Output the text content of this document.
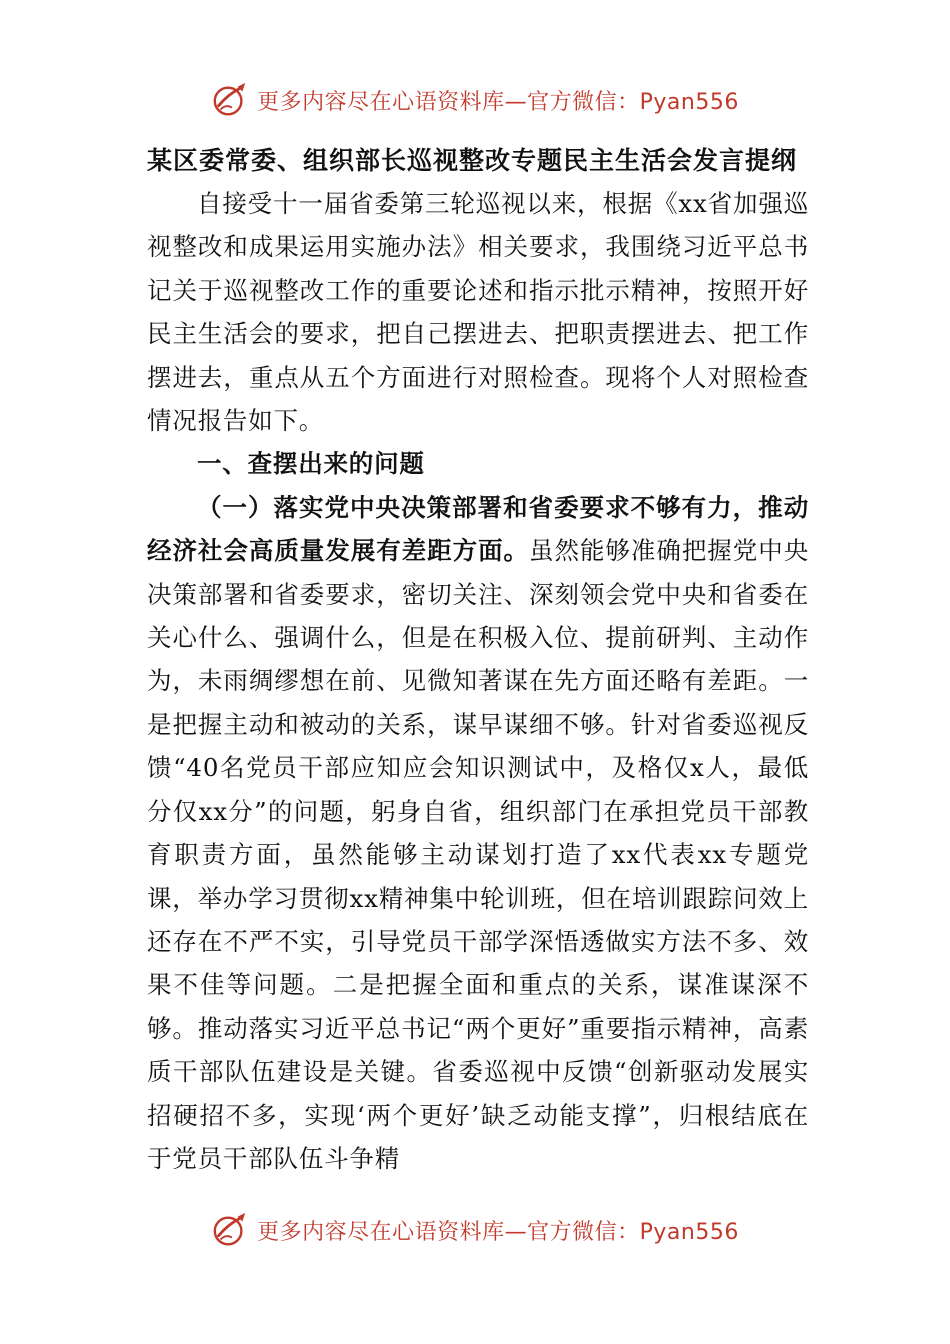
更多内容尽在心语资料库—官方微信：Pyan556
某区委常委、组织部长巡视整改专题民主生活会发言提纲

自接受十一届省委第三轮巡视以来，根据《xx省加强巡视整改和成果运用实施办法》相关要求，我围绕习近平总书记关于巡视整改工作的重要论述和指示批示精神，按照开好民主生活会的要求，把自己摆进去、把职责摆进去、把工作摆进去，重点从五个方面进行对照检查。现将个人对照检查情况报告如下。

一、查摆出来的问题

（一）落实党中央决策部署和省委要求不够有力，推动经济社会高质量发展有差距方面。虽然能够准确把握党中央决策部署和省委要求，密切关注、深刻领会党中央和省委在关心什么、强调什么，但是在积极入位、提前研判、主动作为，未雨绸缪想在前、见微知著谋在先方面还略有差距。一是把握主动和被动的关系，谋早谋细不够。针对省委巡视反馈“40名党员干部应知应会知识测试中，及格仅x人，最低分仅xx分”的问题，躬身自省，组织部门在承担党员干部教育职责方面，虽然能够主动谋划打造了xx代表xx专题党课，举办学习贯彻xx精神集中轮训班，但在培训跟踪问效上还存在不严不实，引导党员干部学深悟透做实方法不多、效果不佳等问题。二是把握全面和重点的关系，谋准谋深不够。推动落实习近平总书记“两个更好”重要指示精神，高素质干部队伍建设是关键。省委巡视中反馈“创新驱动发展实招硬招不多，实现‘两个更好’缺乏动能支撑”，归根结底在于党员干部队伍斗争精

更多内容尽在心语资料库—官方微信：Pyan556
